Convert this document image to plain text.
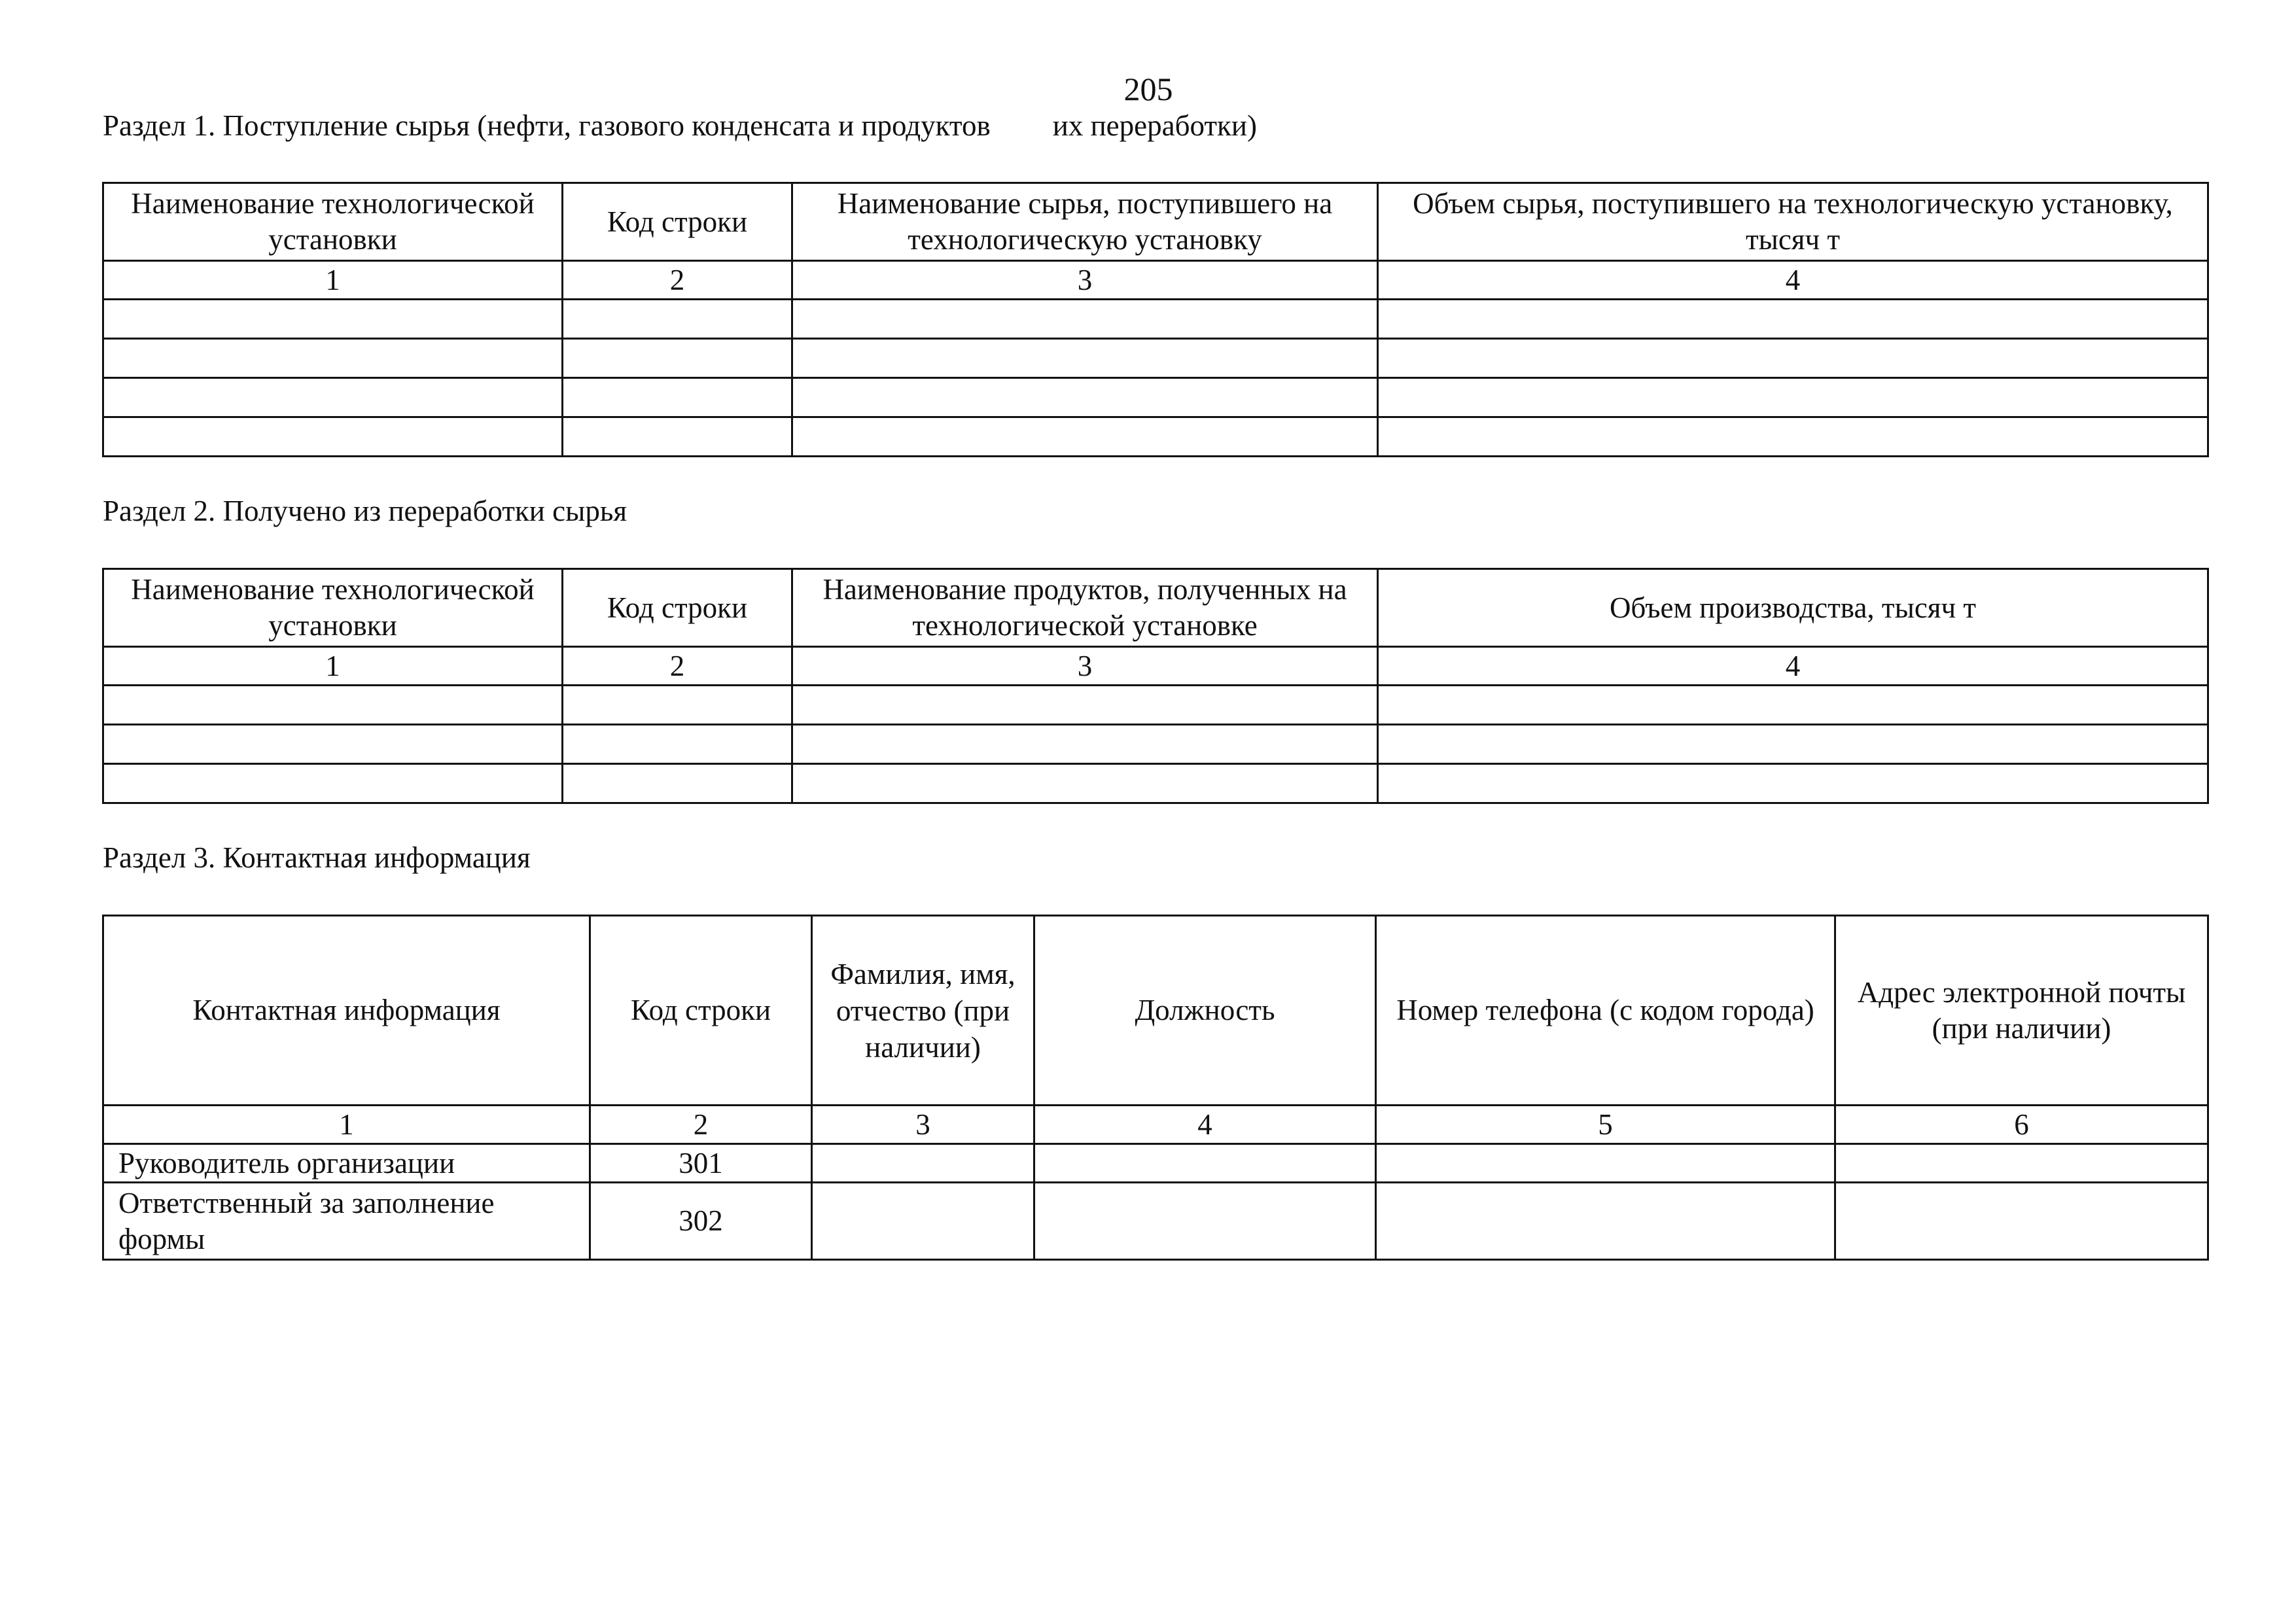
205
Раздел 1. Поступление сырья (нефти, газового конденсата и продуктов их переработки)
Наименование технологической установки	Код строки	Наименование сырья, поступившего на технологическую установку	Объем сырья, поступившего на технологическую установку, тысяч т
1	2	3	4

Раздел 2. Получено из переработки сырья
Наименование технологической установки	Код строки	Наименование продуктов, полученных на технологической установке	Объем производства, тысяч т
1	2	3	4

Раздел 3. Контактная информация
Контактная информация	Код строки	Фамилия, имя, отчество (при наличии)	Должность	Номер телефона (с кодом города)	Адрес электронной почты (при наличии)
1	2	3	4	5	6
Руководитель организации	301				
Ответственный за заполнение формы	302				
